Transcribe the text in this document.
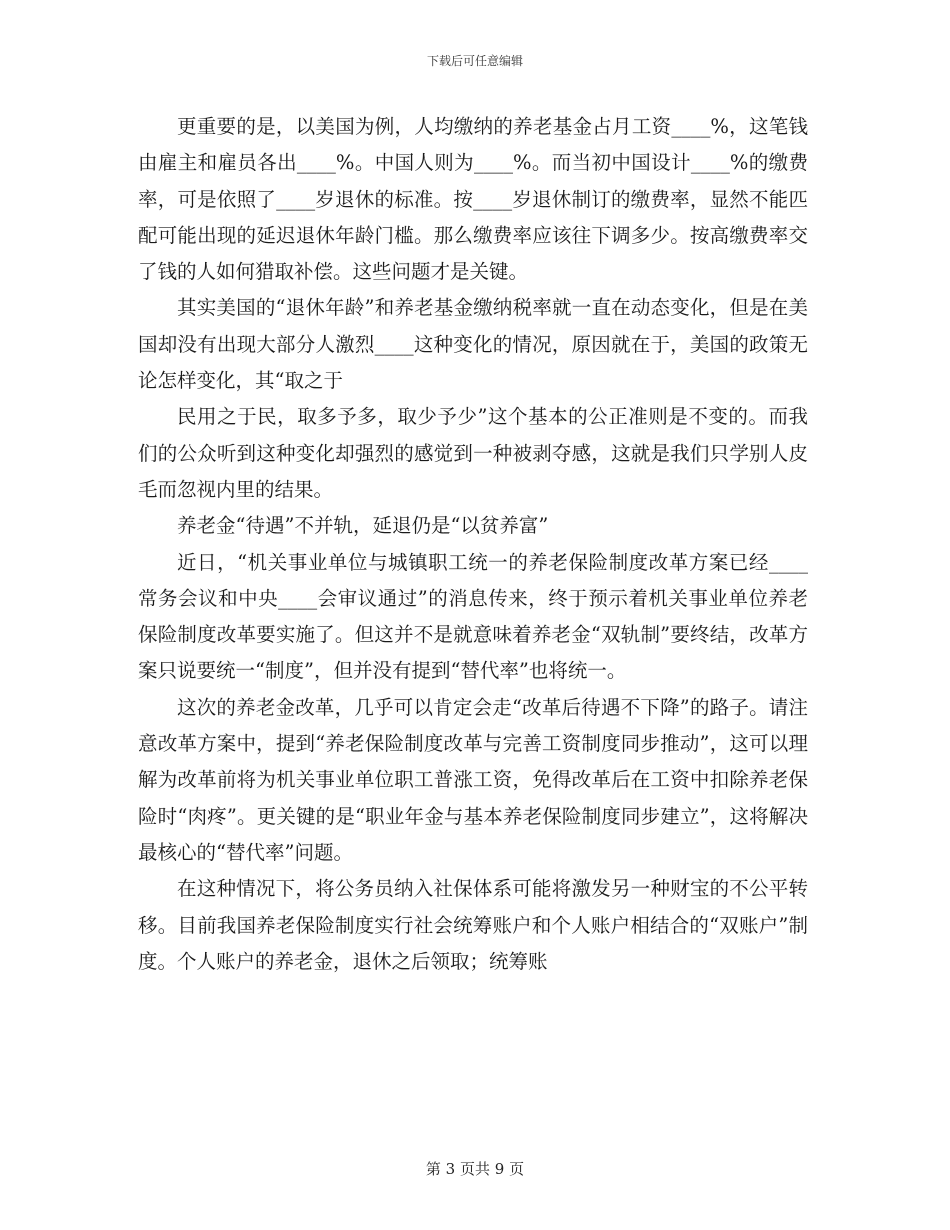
下载后可任意编辑

更重要的是，以美国为例，人均缴纳的养老基金占月工资____%，这笔钱由雇主和雇员各出____%。中国人则为____%。而当初中国设计____%的缴费率，可是依照了____岁退休的标准。按____岁退休制订的缴费率，显然不能匹配可能出现的延迟退休年龄门槛。那么缴费率应该往下调多少。按高缴费率交了钱的人如何猎取补偿。这些问题才是关键。

其实美国的“退休年龄”和养老基金缴纳税率就一直在动态变化，但是在美国却没有出现大部分人激烈____这种变化的情况，原因就在于，美国的政策无论怎样变化，其“取之于

民用之于民，取多予多，取少予少”这个基本的公正准则是不变的。而我们的公众听到这种变化却强烈的感觉到一种被剥夺感，这就是我们只学别人皮毛而忽视内里的结果。

养老金“待遇”不并轨，延退仍是“以贫养富”

近日，“机关事业单位与城镇职工统一的养老保险制度改革方案已经____常务会议和中央____会审议通过”的消息传来，终于预示着机关事业单位养老保险制度改革要实施了。但这并不是就意味着养老金“双轨制”要终结，改革方案只说要统一“制度”，但并没有提到“替代率”也将统一。

这次的养老金改革，几乎可以肯定会走“改革后待遇不下降”的路子。请注意改革方案中，提到“养老保险制度改革与完善工资制度同步推动”，这可以理解为改革前将为机关事业单位职工普涨工资，免得改革后在工资中扣除养老保险时“肉疼”。更关键的是“职业年金与基本养老保险制度同步建立”，这将解决最核心的“替代率”问题。

在这种情况下，将公务员纳入社保体系可能将激发另一种财宝的不公平转移。目前我国养老保险制度实行社会统筹账户和个人账户相结合的“双账户”制度。个人账户的养老金，退休之后领取；统筹账

第 3 页共 9 页
